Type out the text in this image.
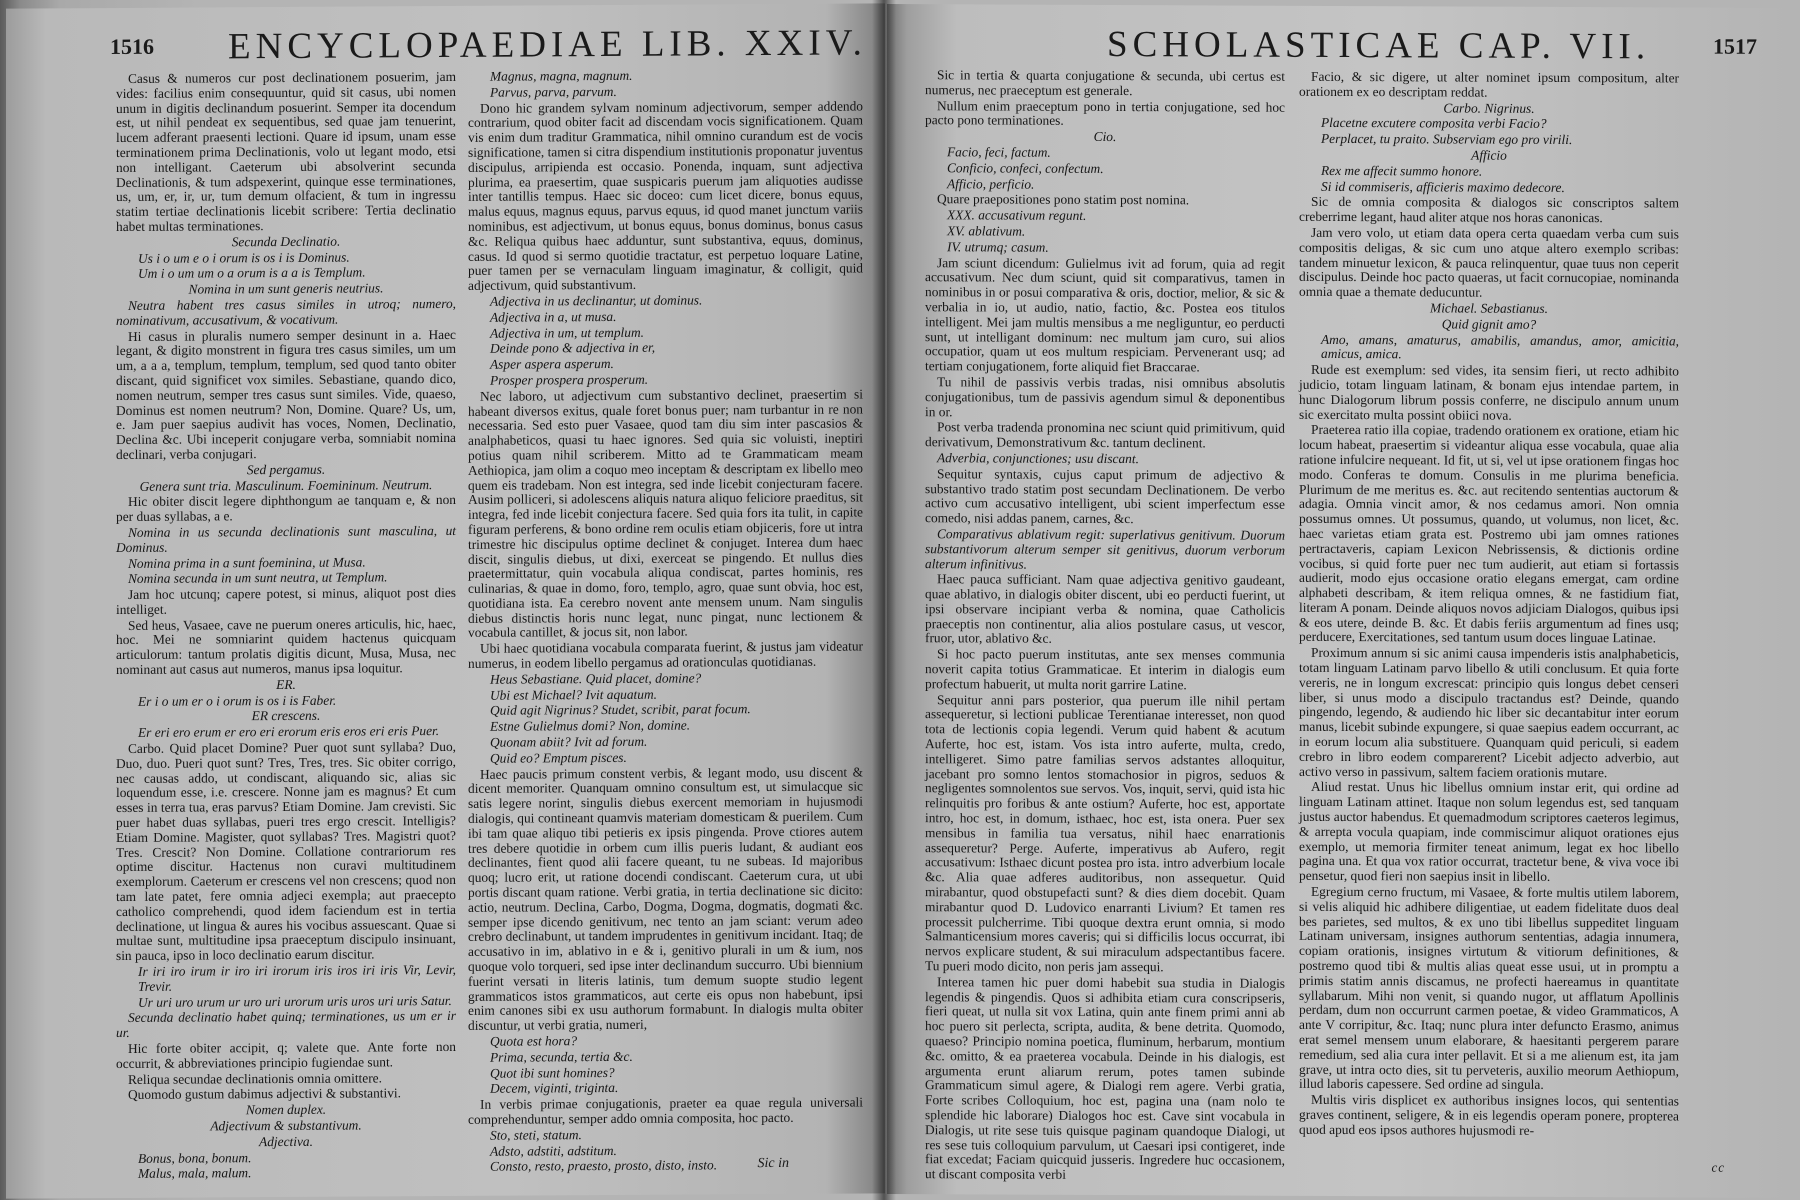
1516 ENCYCLOPAEDIAE LIB. XXIV.

Casus & numeros cur post declinationem posuerim, jam vides: facilius enim consequuntur, quid sit casus, ubi nomen unum in digitis declinandum posuerint. Semper ita docendum est, ut nihil pendeat ex sequentibus, sed quae jam tenuerint, lucem adferant praesenti lectioni. Quare id ipsum, unam esse terminationem prima Declinationis, volo ut legant modo, etsi non intelligant. Caeterum ubi absolverint secunda Declinationis, & tum adspexerint, quinque esse terminationes, us, um, er, ir, ur, tum demum olfacient, & tum in ingressu statim tertiae declinationis licebit scribere: Tertia declinatio habet multas terminationes.

Secunda Declinatio.

Us i o um e o i orum is os i is Dominus.

Um i o um um o a orum is a a is Templum.

Nomina in um sunt generis neutrius.

Neutra habent tres casus similes in utroq; numero, nominativum, accusativum, & vocativum.

Hi casus in pluralis numero semper desinunt in a. Haec legant, & digito monstrent in figura tres casus similes, um um um, a a a, templum, templum, templum, sed quod tanto obiter discant, quid significet vox similes. Sebastiane, quando dico, nomen neutrum, semper tres casus sunt similes. Vide, quaeso, Dominus est nomen neutrum? Non, Domine. Quare? Us, um, e. Jam puer saepius audivit has voces, Nomen, Declinatio, Declina &c. Ubi inceperit conjugare verba, somniabit nomina declinari, verba conjugari.

Sed pergamus.

Genera sunt tria. Masculinum. Foemininum. Neutrum.

Hic obiter discit legere diphthongum ae tanquam e, & non per duas syllabas, a e.

Nomina in us secunda declinationis sunt masculina, ut Dominus.

Nomina prima in a sunt foeminina, ut Musa.

Nomina secunda in um sunt neutra, ut Templum.

Jam hoc utcunq; capere potest, si minus, aliquot post dies intelliget.

Sed heus, Vasaee, cave ne puerum oneres articulis, hic, haec, hoc. Mei ne somniarint quidem hactenus quicquam articulorum: tantum prolatis digitis dicunt, Musa, Musa, nec nominant aut casus aut numeros, manus ipsa loquitur.

ER.

Er i o um er o i orum is os i is Faber.

ER crescens.

Er eri ero erum er ero eri erorum eris eros eri eris Puer.

Carbo. Quid placet Domine? Puer quot sunt syllaba? Duo, Duo, duo. Pueri quot sunt? Tres, Tres, tres. Sic obiter corrigo, nec causas addo, ut condiscant, aliquando sic, alias sic loquendum esse, i.e. crescere. Nonne jam es magnus? Et cum esses in terra tua, eras parvus? Etiam Domine. Jam crevisti. Sic puer habet duas syllabas, pueri tres ergo crescit. Intelligis? Etiam Domine. Magister, quot syllabas? Tres. Magistri quot? Tres. Crescit? Non Domine. Collatione contrariorum res optime discitur. Hactenus non curavi multitudinem exemplorum. Caeterum er crescens vel non crescens; quod non tam late patet, fere omnia adjeci exempla; aut praecepto catholico comprehendi, quod idem faciendum est in tertia declinatione, ut lingua & aures his vocibus assuescant. Quae si multae sunt, multitudine ipsa praeceptum discipulo insinuant, sin pauca, ipso in loco declinatio earum discitur.

Ir iri iro irum ir iro iri irorum iris iros iri iris Vir, Levir, Trevir.

Ur uri uro urum ur uro uri urorum uris uros uri uris Satur.

Secunda declinatio habet quinq; terminationes, us um er ir ur.

Hic forte obiter accipit, q; valete que. Ante forte non occurrit, & abbreviationes principio fugiendae sunt.

Reliqua secundae declinationis omnia omittere.

Quomodo gustum dabimus adjectivi & substantivi.

Nomen duplex.

Adjectivum & substantivum.

Adjectiva.

Bonus, bona, bonum.

Malus, mala, malum.

Magnus, magna, magnum.

Parvus, parva, parvum.

Dono hic grandem sylvam nominum adjectivorum, semper addendo contrarium, quod obiter facit ad discendam vocis significationem. Quam vis enim dum traditur Grammatica, nihil omnino curandum est de vocis significatione, tamen si citra dispendium institutionis proponatur juventus discipulus, arripienda est occasio. Ponenda, inquam, sunt adjectiva plurima, ea praesertim, quae suspicaris puerum jam aliquoties audisse inter tantillis tempus. Haec sic doceo: cum licet dicere, bonus equus, malus equus, magnus equus, parvus equus, id quod manet junctum variis nominibus, est adjectivum, ut bonus equus, bonus dominus, bonus casus &c. Reliqua quibus haec adduntur, sunt substantiva, equus, dominus, casus. Id quod si sermo quotidie tractatur, est perpetuo loquare Latine, puer tamen per se vernaculam linguam imaginatur, & colligit, quid adjectivum, quid substantivum.

Adjectiva in us declinantur, ut dominus.

Adjectiva in a, ut musa.

Adjectiva in um, ut templum.

Deinde pono & adjectiva in er,

Asper aspera asperum.

Prosper prospera prosperum.

Nec laboro, ut adjectivum cum substantivo declinet, praesertim si habeant diversos exitus, quale foret bonus puer; nam turbantur in re non necessaria. Sed esto puer Vasaee, quod tam diu sim inter pascasios & analphabeticos, quasi tu haec ignores. Sed quia sic voluisti, ineptiri potius quam nihil scriberem. Mitto ad te Grammaticam meam Aethiopica, jam olim a coquo meo inceptam & descriptam ex libello meo quem eis tradebam. Non est integra, sed inde licebit conjecturam facere. Ausim polliceri, si adolescens aliquis natura aliquo feliciore praeditus, sit integra, fed inde licebit conjectura facere. Sed quia fors ita tulit, in capite figuram perferens, & bono ordine rem oculis etiam objiceris, fore ut intra trimestre hic discipulus optime declinet & conjuget. Interea dum haec discit, singulis diebus, ut dixi, exerceat se pingendo. Et nullus dies praetermittatur, quin vocabula aliqua condiscat, partes hominis, res culinarias, & quae in domo, foro, templo, agro, quae sunt obvia, hoc est, quotidiana ista. Ea cerebro novent ante mensem unum. Nam singulis diebus distinctis horis nunc legat, nunc pingat, nunc lectionem & vocabula cantillet, & jocus sit, non labor.

Ubi haec quotidiana vocabula comparata fuerint, & justus jam videatur numerus, in eodem libello pergamus ad orationculas quotidianas.

Heus Sebastiane. Quid placet, domine?

Ubi est Michael? Ivit aquatum.

Quid agit Nigrinus? Studet, scribit, parat focum.

Estne Gulielmus domi? Non, domine.

Quonam abiit? Ivit ad forum.

Quid eo? Emptum pisces.

Haec paucis primum constent verbis, & legant modo, usu discent & dicent memoriter. Quanquam omnino consultum est, ut simulacque sic satis legere norint, singulis diebus exercent memoriam in hujusmodi dialogis, qui contineant quamvis materiam domesticam & puerilem. Cum ibi tam quae aliquo tibi petieris ex ipsis pingenda. Prove ctiores autem tres debere quotidie in orbem cum illis pueris ludant, & audiant eos declinantes, fient quod alii facere queant, tu ne subeas. Id majoribus quoq; lucro erit, ut ratione docendi condiscant. Caeterum cura, ut ubi portis discant quam ratione. Verbi gratia, in tertia declinatione sic dicito: actio, neutrum. Declina, Carbo, Dogma, Dogma, dogmatis, dogmati &c. semper ipse dicendo genitivum, nec tento an jam sciant: verum adeo crebro declinabunt, ut tandem imprudentes in genitivum incidant. Itaq; de accusativo in im, ablativo in e & i, genitivo plurali in um & ium, nos quoque volo torqueri, sed ipse inter declinandum succurro. Ubi biennium fuerint versati in literis latinis, tum demum suopte studio legent grammaticos istos grammaticos, aut certe eis opus non habebunt, ipsi enim canones sibi ex usu authorum formabunt. In dialogis multa obiter discuntur, ut verbi gratia, numeri,

Quota est hora?

Prima, secunda, tertia &c.

Quot ibi sunt homines?

Decem, viginti, triginta.

In verbis primae conjugationis, praeter ea quae regula universali comprehenduntur, semper addo omnia composita, hoc pacto.

Sto, steti, statum.

Adsto, adstiti, adstitum.

Consto, resto, praesto, prosto, disto, insto.	Sic in
SCHOLASTICAE CAP. VII.	1517

Sic in tertia & quarta conjugatione & secunda, ubi certus est numerus, nec praeceptum est generale.

Nullum enim praeceptum pono in tertia conjugatione, sed hoc pacto pono terminationes.

Cio.

Facio, feci, factum.

Conficio, confeci, confectum.

Afficio, perficio.

Quare praepositiones pono statim post nomina.

XXX. accusativum regunt.

XV. ablativum.

IV. utrumq; casum.

Jam sciunt dicendum: Gulielmus ivit ad forum, quia ad regit accusativum. Nec dum sciunt, quid sit comparativus, tamen in nominibus in or posui comparativa & oris, doctior, melior, & sic & verbalia in io, ut audio, natio, factio, &c. Postea eos titulos intelligent. Mei jam multis mensibus a me negliguntur, eo perducti sunt, ut intelligant dominum: nec multum jam curo, sui alios occupatior, quam ut eos multum respiciam. Pervenerant usq; ad tertiam conjugationem, forte aliquid fiet Braccarae.

Tu nihil de passivis verbis tradas, nisi omnibus absolutis conjugationibus, tum de passivis agendum simul & deponentibus in or.

Post verba tradenda pronomina nec sciunt quid primitivum, quid derivativum, Demonstrativum &c. tantum declinent.

Adverbia, conjunctiones; usu discant.

Sequitur syntaxis, cujus caput primum de adjectivo & substantivo trado statim post secundam Declinationem. De verbo activo cum accusativo intelligent, ubi scient imperfectum esse comedo, nisi addas panem, carnes, &c.

Comparativus ablativum regit: superlativus genitivum. Duorum substantivorum alterum semper sit genitivus, duorum verborum alterum infinitivus.

Haec pauca sufficiant. Nam quae adjectiva genitivo gaudeant, quae ablativo, in dialogis obiter discent, ubi eo perducti fuerint, ut ipsi observare incipiant verba & nomina, quae Catholicis praeceptis non continentur, alia alios postulare casus, ut vescor, fruor, utor, ablativo &c.

Si hoc pacto puerum institutas, ante sex menses communia noverit capita totius Grammaticae. Et interim in dialogis eum profectum habuerit, ut multa norit garrire Latine.

Sequitur anni pars posterior, qua puerum ille nihil pertam assequeretur, si lectioni publicae Terentianae interesset, non quod tota de lectionis copia legendi. Verum quid habent & acutum Auferte, hoc est, istam. Vos ista intro auferte, multa, credo, intelligeret. Simo patre familias servos adstantes alloquitur, jacebant pro somno lentos stomachosior in pigros, seduos & negligentes somnolentos sue servos. Vos, inquit, servi, quid ista hic relinquitis pro foribus & ante ostium? Auferte, hoc est, apportate intro, hoc est, in domum, isthaec, hoc est, ista onera. Puer sex mensibus in familia tua versatus, nihil haec enarrationis assequeretur? Perge. Auferte, imperativus ab Aufero, regit accusativum: Isthaec dicunt postea pro ista. intro adverbium locale &c. Alia quae adferes auditoribus, non assequetur. Quid mirabantur, quod obstupefacti sunt? & dies diem docebit. Quam mirabantur quod D. Ludovico enarranti Livium? Et tamen res processit pulcherrime. Tibi quoque dextra erunt omnia, si modo Salmanticensium mores caveris; qui si difficilis locus occurrat, ibi nervos explicare student, & sui miraculum adspectantibus facere. Tu pueri modo dicito, non peris jam assequi.

Interea tamen hic puer domi habebit sua studia in Dialogis legendis & pingendis. Quos si adhibita etiam cura conscripseris, fieri queat, ut nulla sit vox Latina, quin ante finem primi anni ab hoc puero sit perlecta, scripta, audita, & bene detrita. Quomodo, quaeso? Principio nomina poetica, fluminum, herbarum, montium &c. omitto, & ea praeterea vocabula. Deinde in his dialogis, est argumenta erunt aliarum rerum, potes tamen subinde Grammaticum simul agere, & Dialogi rem agere. Verbi gratia, Forte scribes Colloquium, hoc est, pagina una (nam nolo te splendide hic laborare) Dialogos hoc est. Cave sint vocabula in Dialogis, ut rite sese tuis quisque paginam quandoque Dialogi, ut res sese tuis colloquium parvulum, ut Caesari ipsi contigeret, inde fiat excedat; Faciam quicquid jusseris. Ingredere huc occasionem, ut discant composita verbi

Facio, & sic digere, ut alter nominet ipsum compositum, alter orationem ex eo descriptam reddat.

Carbo. Nigrinus.

Placetne excutere composita verbi Facio?

Perplacet, tu praito. Subserviam ego pro virili.

Afficio

Rex me affecit summo honore.

Si id commiseris, afficieris maximo dedecore.

Sic de omnia composita & dialogos sic conscriptos saltem creberrime legant, haud aliter atque nos horas canonicas.

Jam vero volo, ut etiam data opera certa quaedam verba cum suis compositis deligas, & sic cum uno atque altero exemplo scribas: tandem minuetur lexicon, & pauca relinquentur, quae tuus non ceperit discipulus. Deinde hoc pacto quaeras, ut facit cornucopiae, nominanda omnia quae a themate deducuntur.

Michael. Sebastianus.

Quid gignit amo?

Amo, amans, amaturus, amabilis, amandus, amor, amicitia, amicus, amica.

Rude est exemplum: sed vides, ita sensim fieri, ut recto adhibito judicio, totam linguam latinam, & bonam ejus intendae partem, in hunc Dialogorum librum possis conferre, ne discipulo annum unum sic exercitato multa possint obiici nova.

Praeterea ratio illa copiae, tradendo orationem ex oratione, etiam hic locum habeat, praesertim si videantur aliqua esse vocabula, quae alia ratione infulcire nequeant. Id fit, ut si, vel ut ipse orationem fingas hoc modo. Conferas te domum. Consulis in me plurima beneficia. Plurimum de me meritus es. &c. aut recitendo sententias auctorum & adagia. Omnia vincit amor, & nos cedamus amori. Non omnia possumus omnes. Ut possumus, quando, ut volumus, non licet, &c. haec varietas etiam grata est. Postremo ubi jam omnes rationes pertractaveris, capiam Lexicon Nebrissensis, & dictionis ordine vocibus, si quid forte puer nec tum audierit, aut etiam si fortassis audierit, modo ejus occasione oratio elegans emergat, cam ordine alphabeti describam, & item reliqua omnes, & ne fastidium fiat, literam A ponam. Deinde aliquos novos adjiciam Dialogos, quibus ipsi & eos utere, deinde B. &c. Et dabis feriis argumentum ad fines usq; perducere, Exercitationes, sed tantum usum doces linguae Latinae.

Proximum annum si sic animi causa impenderis istis analphabeticis, totam linguam Latinam parvo libello & utili conclusum. Et quia forte vereris, ne in longum excrescat: principio quis longus debet censeri liber, si unus modo a discipulo tractandus est? Deinde, quando pingendo, legendo, & audiendo hic liber sic decantabitur inter eorum manus, licebit subinde expungere, si quae saepius eadem occurrant, ac in eorum locum alia substituere. Quanquam quid periculi, si eadem crebro in libro eodem comparerent? Licebit adjecto adverbio, aut activo verso in passivum, saltem faciem orationis mutare.

Aliud restat. Unus hic libellus omnium instar erit, qui ordine ad linguam Latinam attinet. Itaque non solum legendus est, sed tanquam justus auctor habendus. Et quemadmodum scriptores caeteros legimus, & arrepta vocula quapiam, inde commiscimur aliquot orationes ejus exemplo, ut memoria firmiter teneat animum, legat ex hoc libello pagina una. Et qua vox ratior occurrat, tractetur bene, & viva voce ibi pensetur, quod fieri non saepius insit in libello.

Egregium cerno fructum, mi Vasaee, & forte multis utilem laborem, si velis aliquid hic adhibere diligentiae, ut eadem fidelitate duos deal bes parietes, sed multos, & ex uno tibi libellus suppeditet linguam Latinam universam, insignes authorum sententias, adagia innumera, copiam orationis, insignes virtutum & vitiorum definitiones, & postremo quod tibi & multis alias queat esse usui, ut in promptu a primis statim annis discamus, ne profecti haereamus in quantitate syllabarum. Mihi non venit, si quando nugor, ut afflatum Apollinis perdam, dum non occurrunt carmen poetae, & video Grammaticos, A ante V corripitur, &c. Itaq; nunc plura inter defuncto Erasmo, animus erat semel mensem unum elaborare, & haesitanti pergerem parare remedium, sed alia cura inter pellavit. Et si a me alienum est, ita jam grave, ut intra octo dies, sit tu perveteris, auxilio meorum Aethiopum, illud laboris capessere. Sed ordine ad singula.

Multis viris displicet ex authoribus insignes locos, qui sententias graves continent, seligere, & in eis legendis operam ponere, propterea quod apud eos ipsos authores hujusmodi re-

cc
